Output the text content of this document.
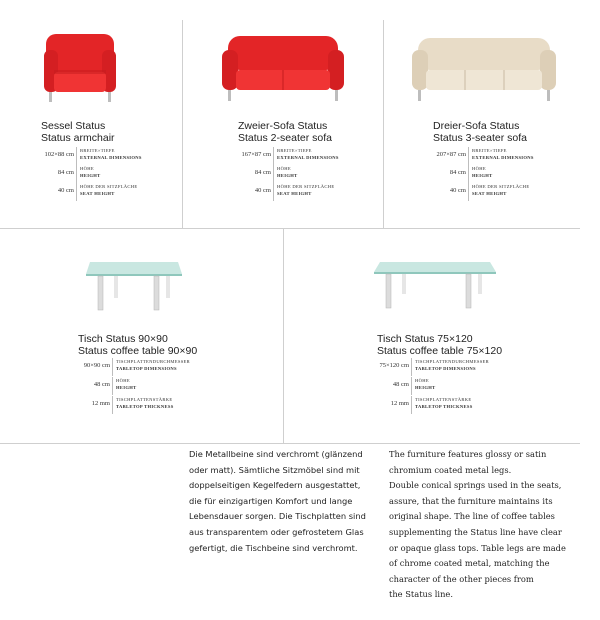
Sessel Status
Status armchair
102×88 cm
BREITE×TIEFE
EXTERNAL DIMENSIONS
84 cm
HÖHE
HEIGHT
40 cm
HÖHE DER SITZFLÄCHE
SEAT HEIGHT
Zweier-Sofa Status
Status 2-seater sofa
167×87 cm
BREITE×TIEFE
EXTERNAL DIMENSIONS
84 cm
HÖHE
HEIGHT
40 cm
HÖHE DER SITZFLÄCHE
SEAT HEIGHT
Dreier-Sofa Status
Status 3-seater sofa
207×87 cm
BREITE×TIEFE
EXTERNAL DIMENSIONS
84 cm
HÖHE
HEIGHT
40 cm
HÖHE DER SITZFLÄCHE
SEAT HEIGHT
Tisch Status 90×90
Status coffee table 90×90
90×90 cm
TISCHPLATTENDURCHMESSER
TABLETOP DIMENSIONS
48 cm
HÖHE
HEIGHT
12 mm
TISCHPLATTENSTÄRKE
TABLETOP THICKNESS
Tisch Status 75×120
Status coffee table 75×120
75×120 cm
TISCHPLATTENDURCHMESSER
TABLETOP DIMENSIONS
48 cm
HÖHE
HEIGHT
12 mm
TISCHPLATTENSTÄRKE
TABLETOP THICKNESS
Die Metallbeine sind verchromt (glänzend
oder matt). Sämtliche Sitzmöbel sind mit
doppelseitigen Kegelfedern ausgestattet,
die für einzigartigen Komfort und lange
Lebensdauer sorgen. Die Tischplatten sind
aus transparentem oder gefrostetem Glas
gefertigt, die Tischbeine sind verchromt.
The furniture features glossy or satin
chromium coated metal legs.
Double conical springs used in the seats,
assure, that the furniture maintains its
original shape. The line of coffee tables
supplementing the Status line have clear
or opaque glass tops. Table legs are made
of chrome coated metal, matching the
character of the other pieces from
the Status line.
